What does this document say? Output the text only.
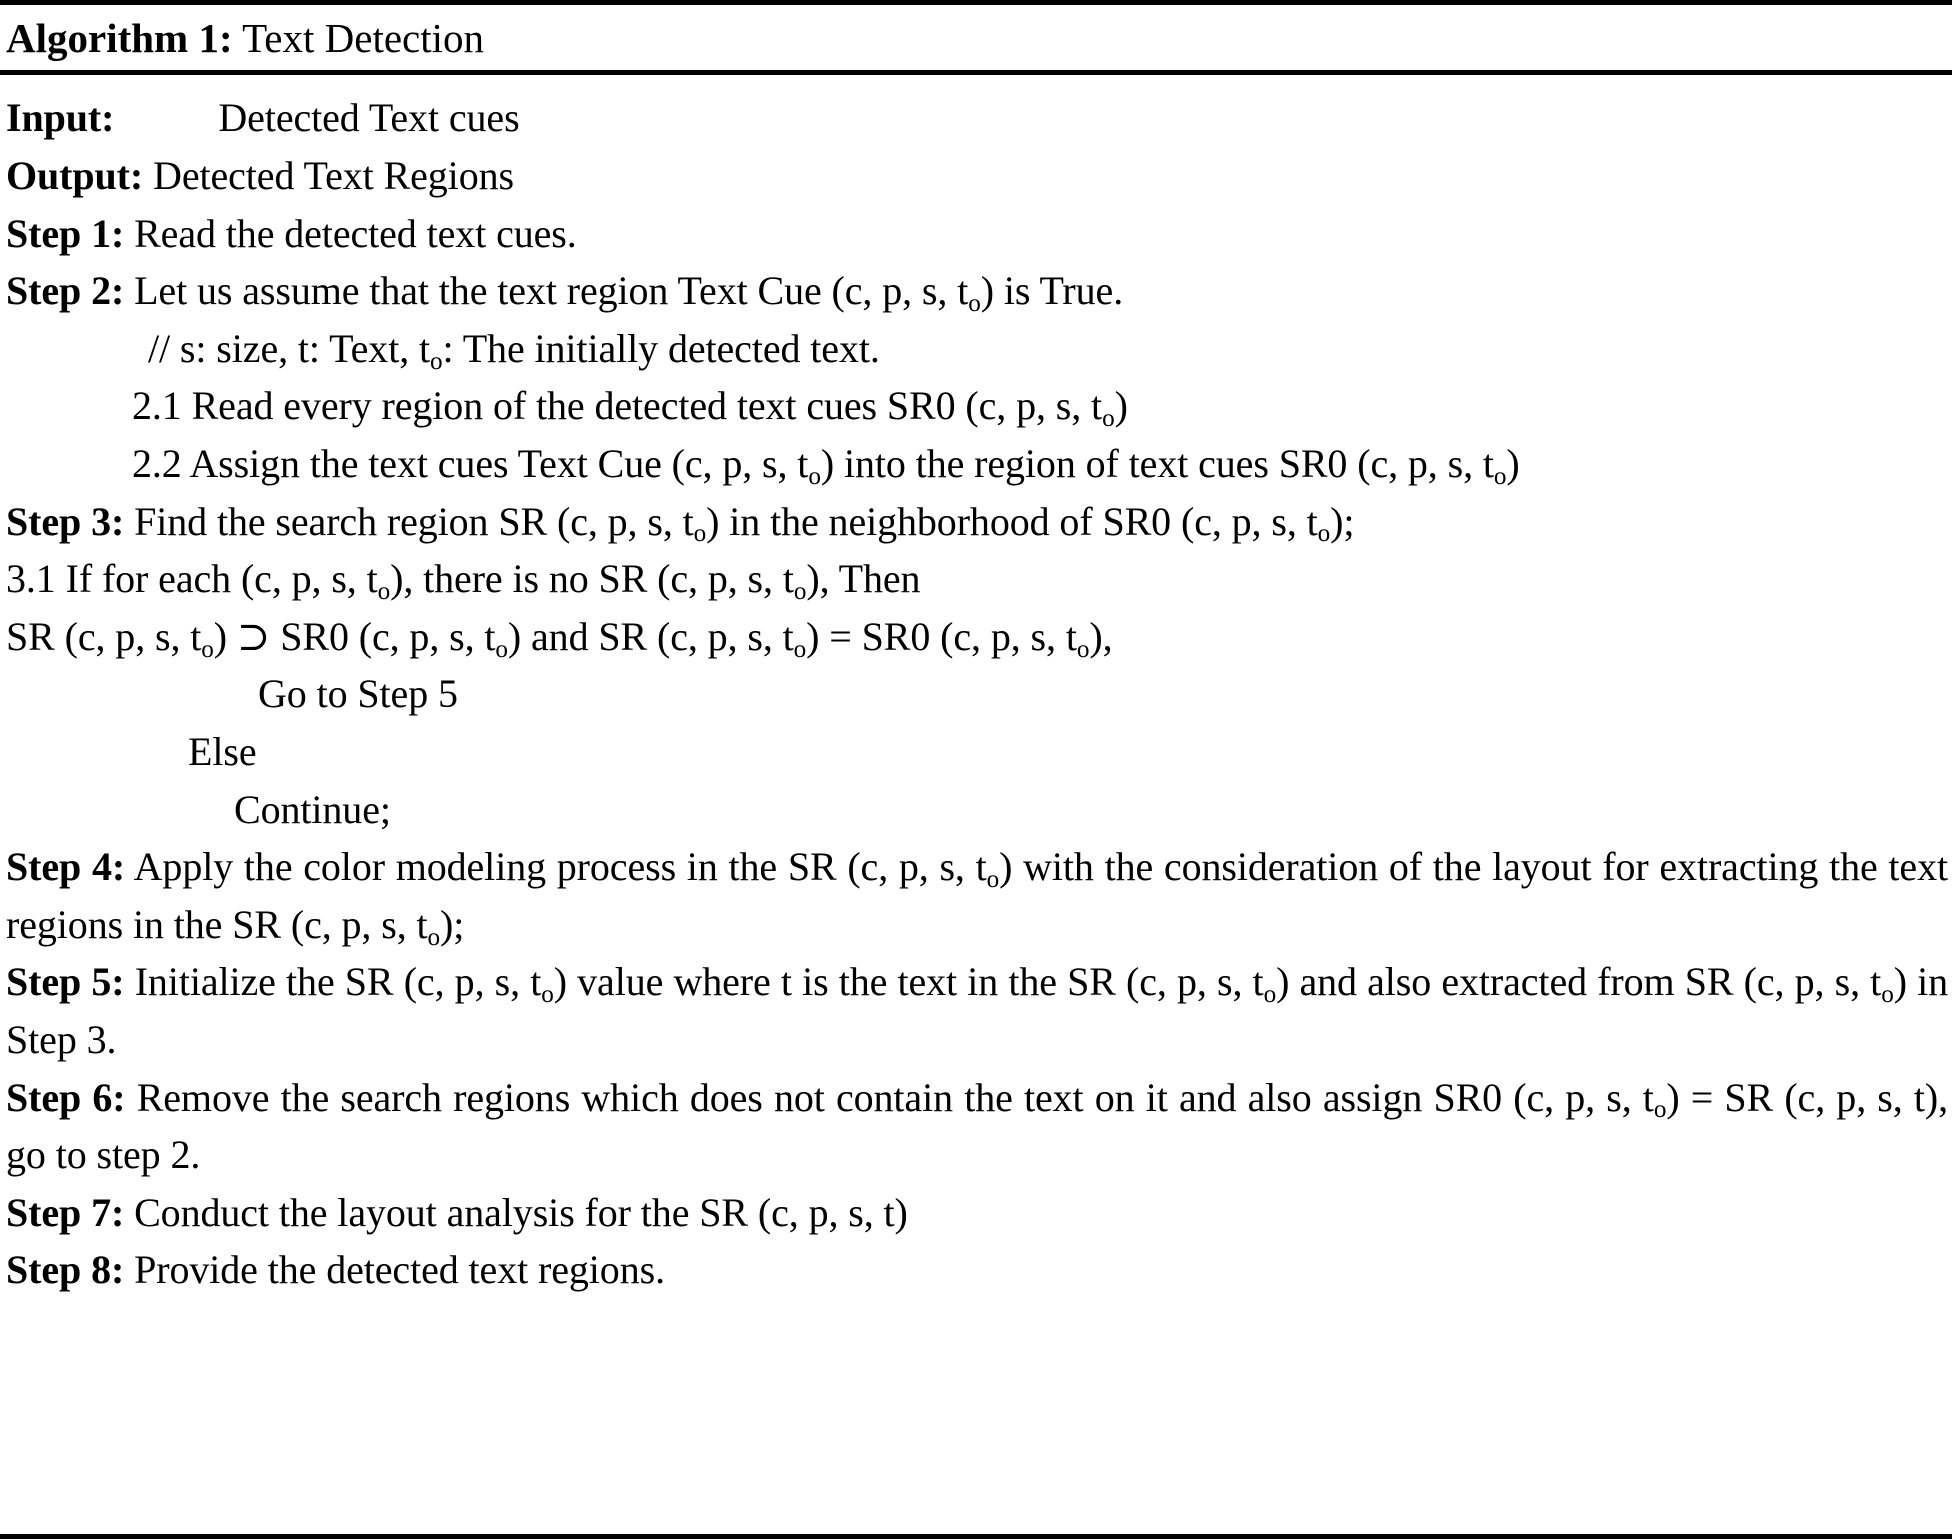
Algorithm 1: Text Detection
Input:	Detected Text cues
Output: Detected Text Regions
Step 1: Read the detected text cues.
Step 2: Let us assume that the text region Text Cue (c, p, s, $t_o$) is True.
// s: size, t: Text, $t_o$: The initially detected text.
2.1 Read every region of the detected text cues SR0 (c, p, s, $t_o$)
2.2 Assign the text cues Text Cue (c, p, s, $t_o$) into the region of text cues SR0 (c, p, s, $t_o$)
Step 3: Find the search region SR (c, p, s, $t_o$) in the neighborhood of SR0 (c, p, s, $t_o$);
3.1 If for each (c, p, s, $t_o$), there is no SR (c, p, s, $t_o$), Then
SR (c, p, s, $t_o$) ⊃ SR0 (c, p, s, $t_o$) and SR (c, p, s, $t_o) = SR0$ (c, p, s, $t_o$),
Go to Step 5
Else
Continue;
Step 4: Apply the color modeling process in the SR (c, p, s, $t_o$) with the consideration of the layout for extracting the text regions in the SR (c, p, s, $t_o$);
Step 5: Initialize the SR (c, p, s, $t_o$) value where t is the text in the SR (c, p, s, $t_o$) and also extracted from SR (c, p, s, $t_o$) in Step 3.
Step 6: Remove the search regions which does not contain the text on it and also assign SR0 (c, p, s, $t_o$) = SR (c, p, s, t), go to step 2.
Step 7: Conduct the layout analysis for the SR (c, p, s, t)
Step 8: Provide the detected text regions.
